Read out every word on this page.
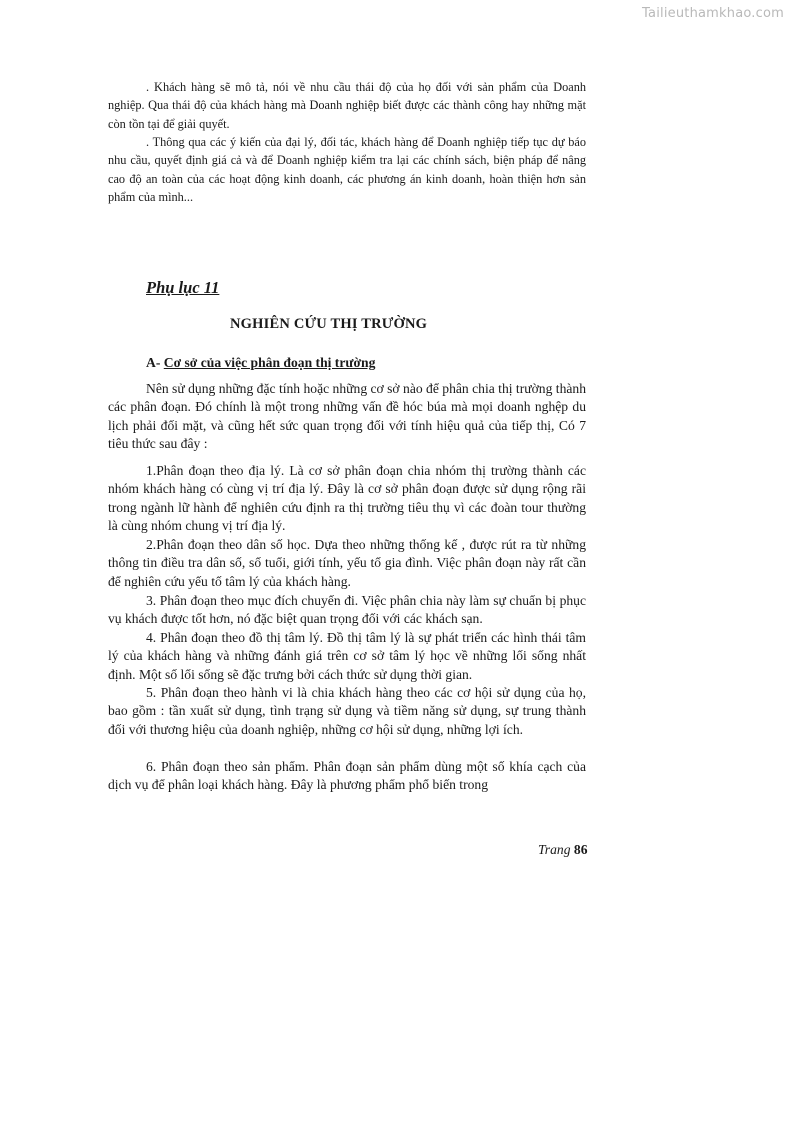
Tailieuthamkhao.com

. Khách hàng sẽ mô tả, nói về nhu cầu thái độ của họ đối với sản phẩm của Doanh nghiệp. Qua thái độ của khách hàng mà Doanh nghiệp biết được các thành công hay những mặt còn tồn tại để giải quyết.

. Thông qua các ý kiến của đại lý, đối tác, khách hàng để Doanh nghiệp tiếp tục dự báo nhu cầu, quyết định giá cả và để Doanh nghiệp kiểm tra lại các chính sách, biện pháp để nâng cao độ an toàn của các hoạt động kinh doanh, các phương án kinh doanh, hoàn thiện hơn sản phẩm của mình...

Phụ lục 11

NGHIÊN CỨU THỊ TRƯỜNG

A- Cơ sở của việc phân đoạn thị trường

Nên sử dụng những đặc tính hoặc những cơ sở nào để phân chia thị trường thành các phân đoạn. Đó chính là một trong những vấn đề hóc búa mà mọi doanh nghệp du lịch phải đối mặt, và cũng hết sức quan trọng đối với tính hiệu quả của tiếp thị, Có 7 tiêu thức sau đây :

1.Phân đoạn theo địa lý. Là cơ sở phân đoạn chia nhóm thị trường thành các nhóm khách hàng có cùng vị trí địa lý. Đây là cơ sở phân đoạn được sử dụng rộng rãi trong ngành lữ hành để nghiên cứu định ra thị trường tiêu thụ vì các đoàn tour thường là cùng nhóm chung vị trí địa lý.

2.Phân đoạn theo dân số học. Dựa theo những thống kế , được rút ra từ những thông tin điều tra dân số, số tuổi, giới tính, yếu tố gia đình. Việc phân đoạn này rất cần để nghiên cứu yếu tố tâm lý của khách hàng.

3. Phân đoạn theo mục đích chuyến đi. Việc phân chia này làm sự chuẩn bị phục vụ khách được tốt hơn, nó đặc biệt quan trọng đối với các khách sạn.

4. Phân đoạn theo đồ thị tâm lý. Đồ thị tâm lý là sự phát triển các hình thái tâm lý của khách hàng và những đánh giá trên cơ sở tâm lý học về những lối sống nhất định. Một số lối sống sẽ đặc trưng bởi cách thức sử dụng thời gian.

5. Phân đoạn theo hành vi là chia khách hàng theo các cơ hội sử dụng của họ, bao gồm : tần xuất sử dụng, tình trạng sử dụng và tiềm năng sử dụng, sự trung thành đối với thương hiệu của doanh nghiệp, những cơ hội sử dụng, những lợi ích.

6. Phân đoạn theo sản phẩm. Phân đoạn sản phẩm dùng một số khía cạch của dịch vụ để phân loại khách hàng. Đây là phương phẩm phổ biến trong

Trang 86
